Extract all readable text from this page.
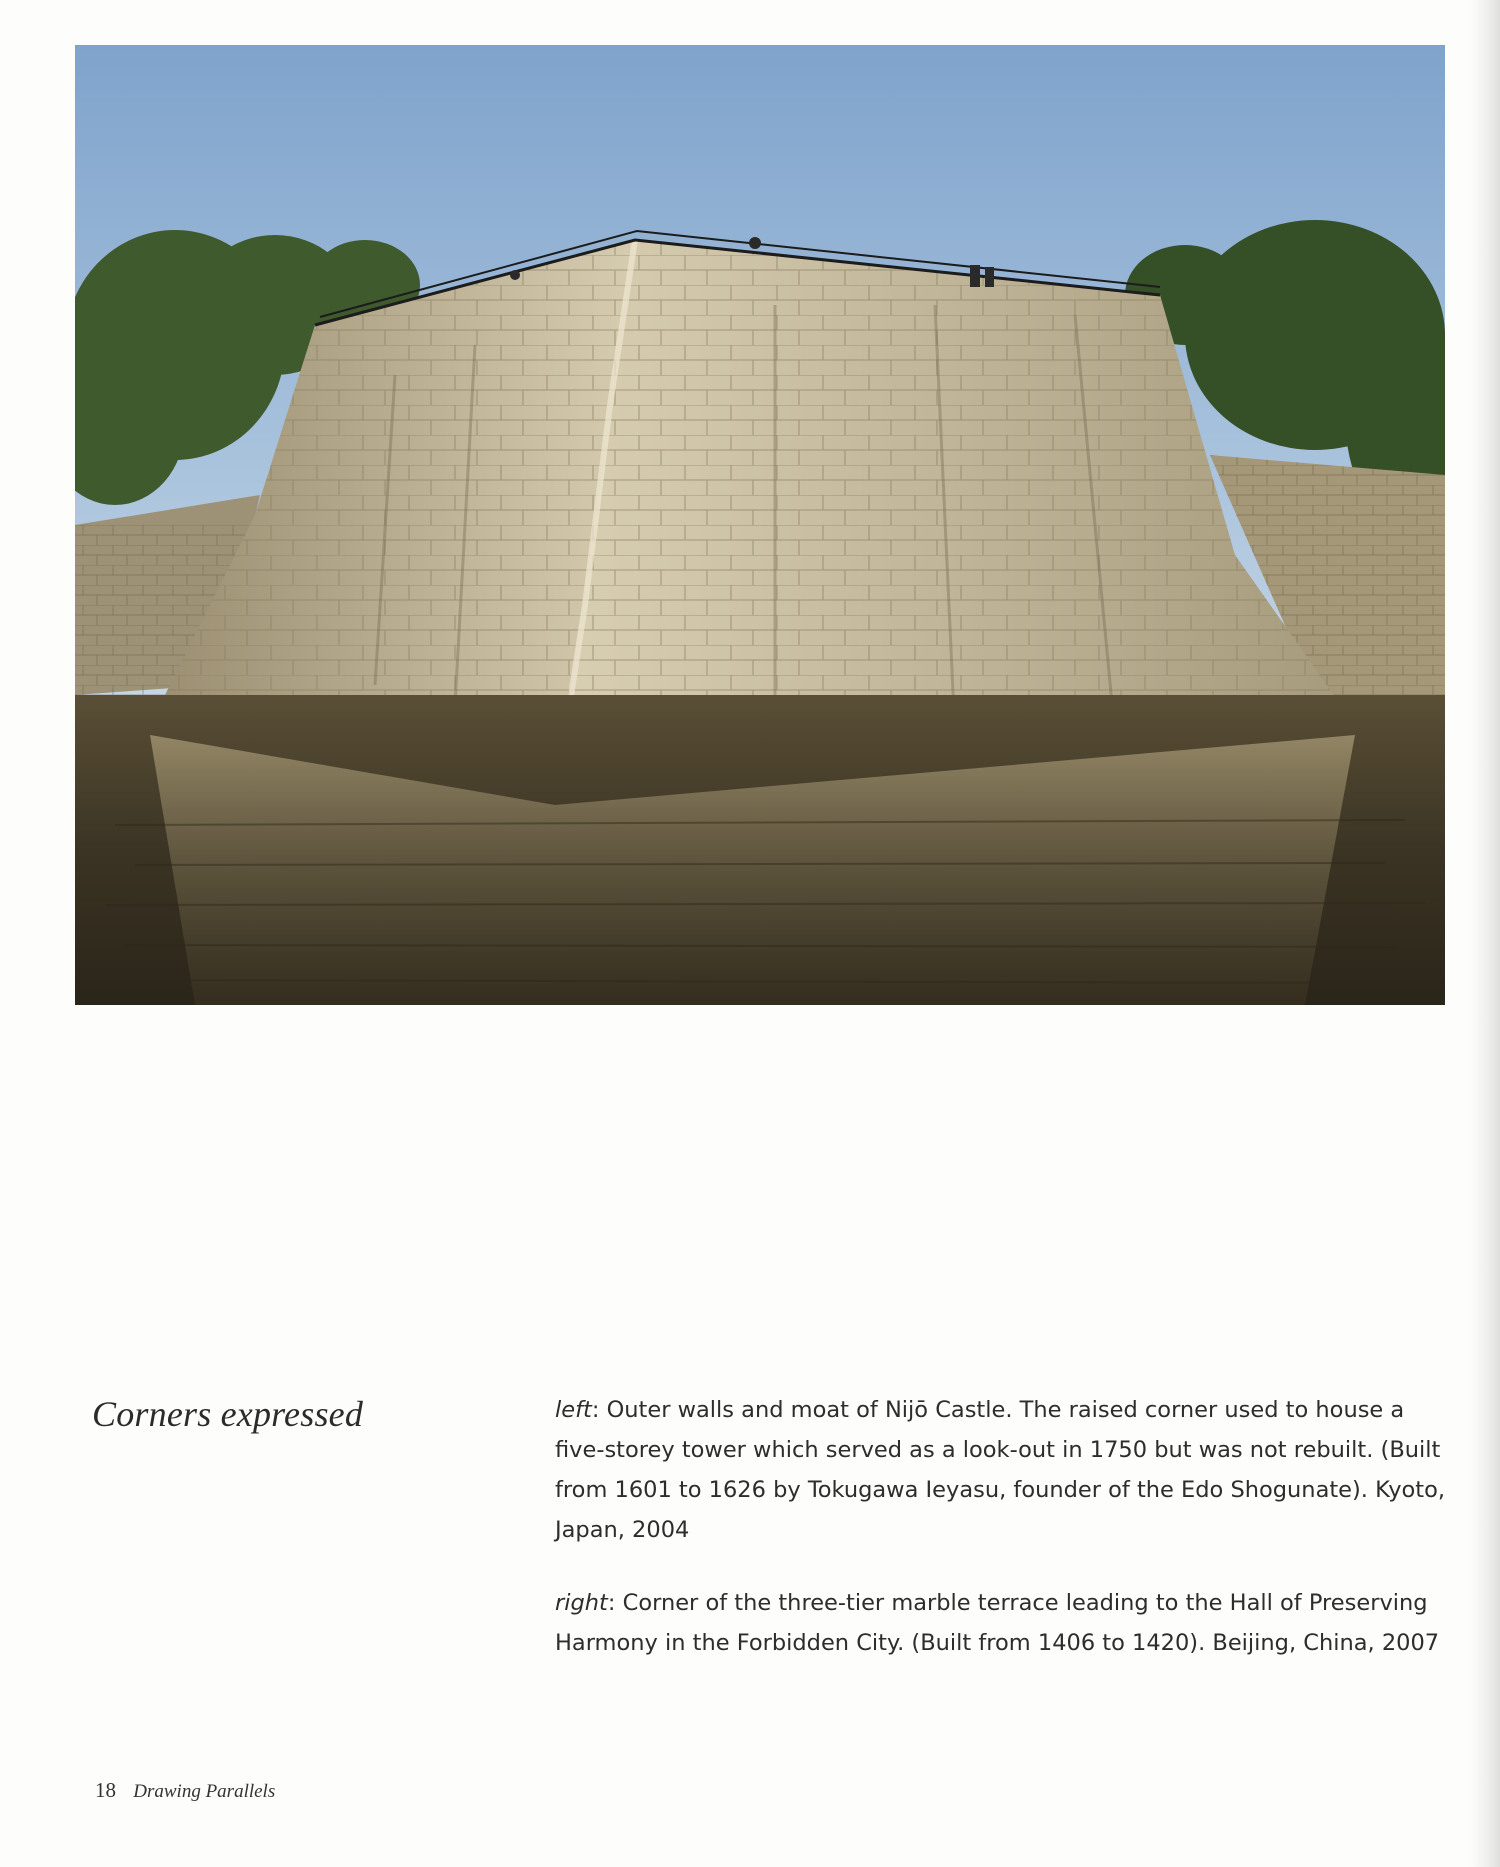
Corners expressed	left: Outer walls and moat of Nijō Castle. The raised corner used to house a five-storey tower which served as a look-out in 1750 but was not rebuilt. (Built from 1601 to 1626 by Tokugawa Ieyasu, founder of the Edo Shogunate). Kyoto, Japan, 2004

right: Corner of the three-tier marble terrace leading to the Hall of Preserving Harmony in the Forbidden City. (Built from 1406 to 1420). Beijing, China, 2007

18 Drawing Parallels
